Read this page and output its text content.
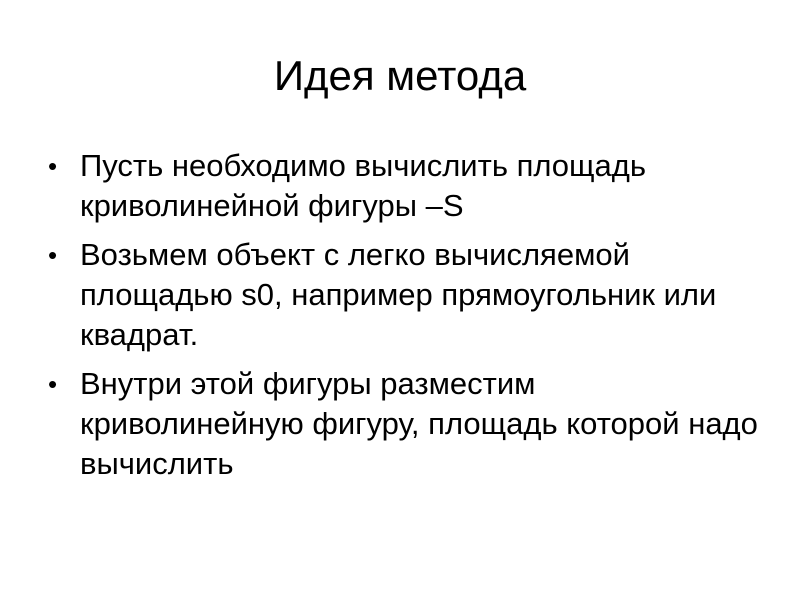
Идея метода
• Пусть необходимо вычислить площадь криволинейной фигуры –S
• Возьмем объект с легко вычисляемой площадью s0, например прямоугольник или квадрат.
• Внутри этой фигуры разместим криволинейную фигуру, площадь которой надо вычислить
